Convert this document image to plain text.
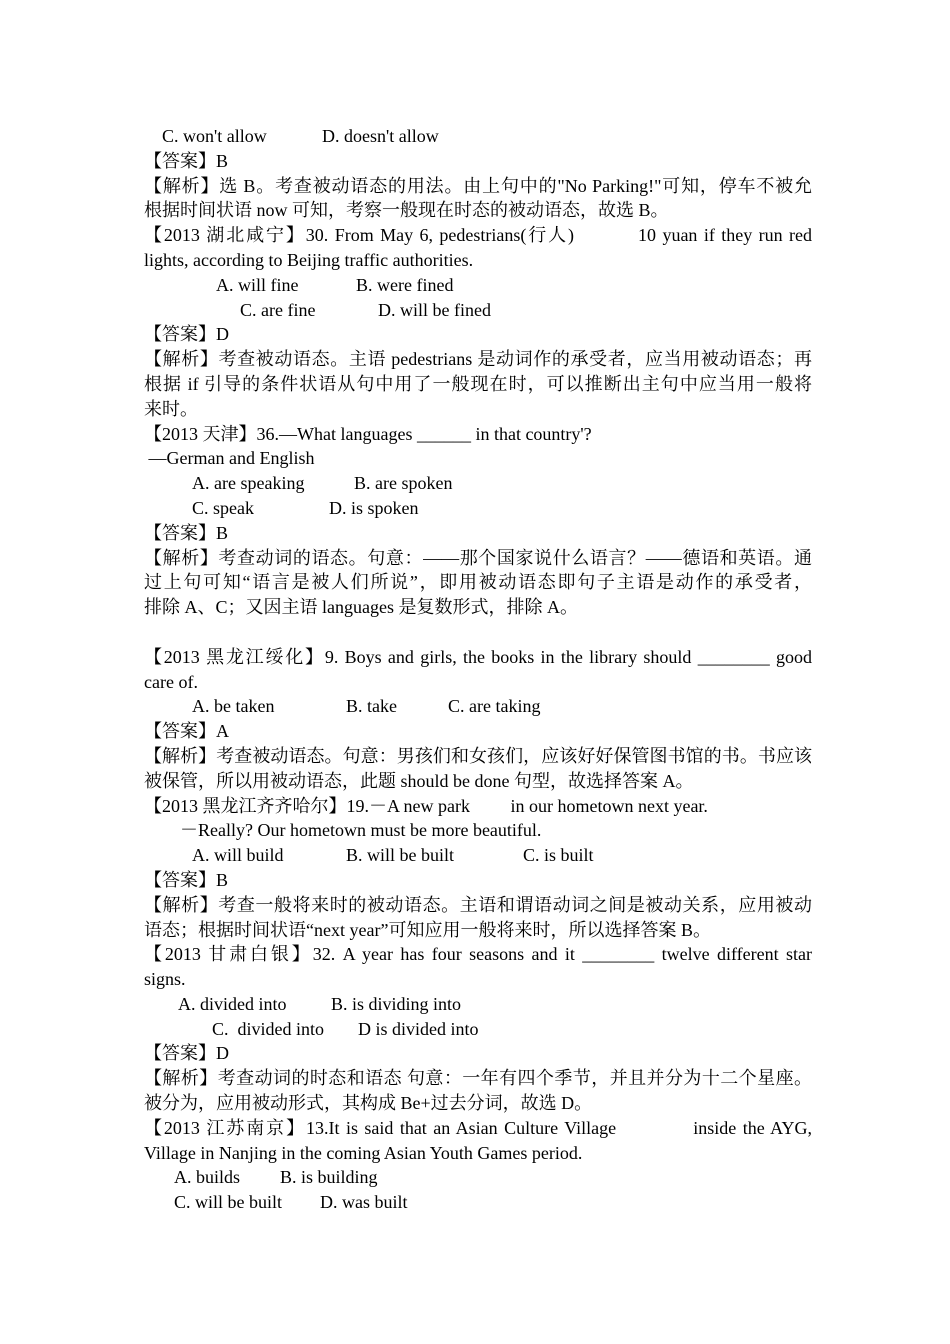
C. won't allow	D. doesn't allow
【答案】B
【解析】选 B。考查被动语态的用法。由上句中的"No Parking!"可知，停车不被允
根据时间状语 now 可知，考察一般现在时态的被动语态，故选 B。
【2013 湖北咸宁】30. From May 6, pedestrians(行人)          10 yuan if they run red
lights, according to Beijing traffic authorities.
A. will fine	B. were fined
C. are fine	D. will be fined
【答案】D
【解析】考查被动语态。主语 pedestrians 是动词作的承受者，应当用被动语态；再
根据 if 引导的条件状语从句中用了一般现在时，可以推断出主句中应当用一般将
来时。
【2013 天津】36.—What languages ______ in that country'?
—German and English
A. are speaking	B. are spoken
C. speak	D. is spoken
【答案】B
【解析】考查动词的语态。句意：——那个国家说什么语言？——德语和英语。通
过上句可知“语言是被人们所说”，即用被动语态即句子主语是动作的承受者，
排除 A、C；又因主语 languages 是复数形式，排除 A。
【2013 黑龙江绥化】9. Boys and girls, the books in the library should ________ good
care of.
A. be taken	B. take	C. are taking
【答案】A
【解析】考查被动语态。句意：男孩们和女孩们，应该好好保管图书馆的书。书应该
被保管，所以用被动语态，此题 should be done 句型，故选择答案 A。
【2013 黑龙江齐齐哈尔】19.－A new park         in our hometown next year.
－Really? Our hometown must be more beautiful.
A. will build	B. will be built	C. is built
【答案】B
【解析】考查一般将来时的被动语态。主语和谓语动词之间是被动关系，应用被动
语态；根据时间状语“next year”可知应用一般将来时，所以选择答案 B。
【2013 甘肃白银】32. A year has four seasons and it ________ twelve different star
signs.
A. divided into B. is dividing into
C.  divided into D is divided into
【答案】D
【解析】考查动词的时态和语态 句意：一年有四个季节，并且并分为十二个星座。
被分为，应用被动形式，其构成 Be+过去分词，故选 D。
【2013 江苏南京】13.It is said that an Asian Culture Village            inside the AYG,
Village in Nanjing in the coming Asian Youth Games period.
A. builds B. is building
C. will be built D. was built
